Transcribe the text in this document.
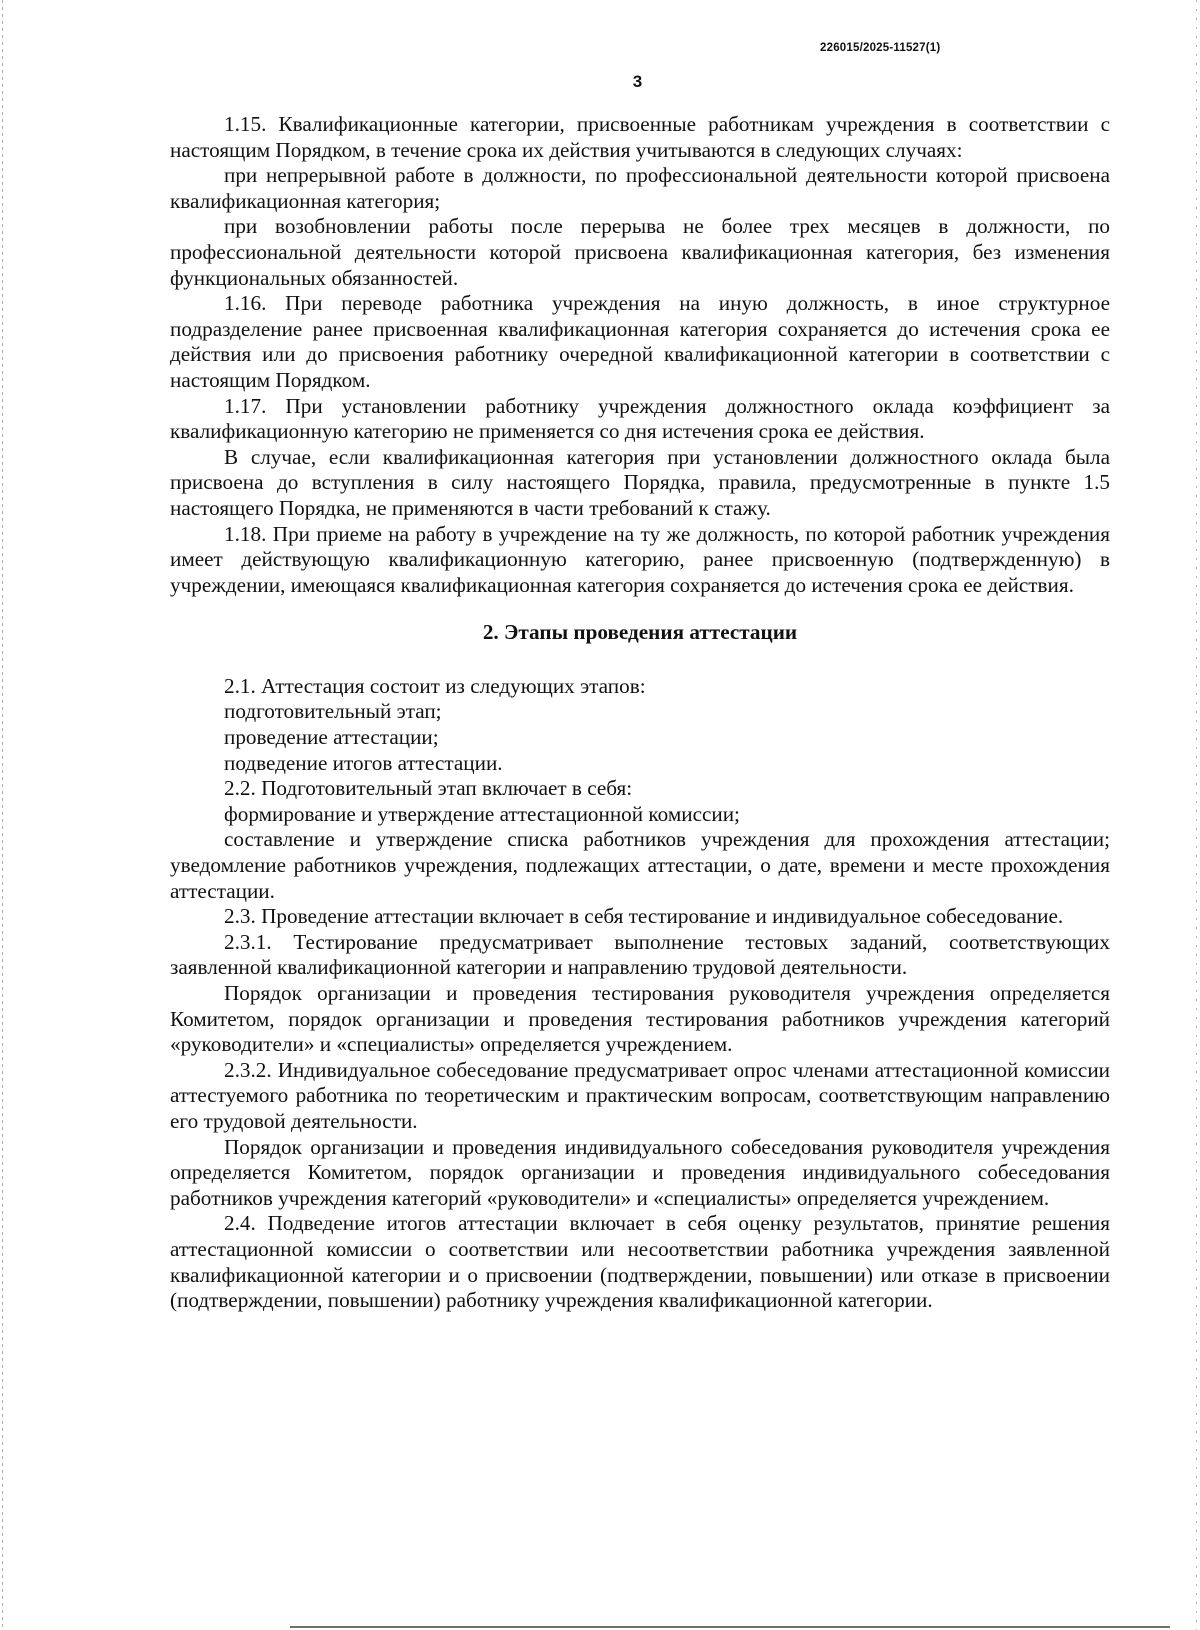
226015/2025-11527(1)
3

1.15. Квалификационные категории, присвоенные работникам учреждения в соответствии с настоящим Порядком, в течение срока их действия учитываются в следующих случаях:

при непрерывной работе в должности, по профессиональной деятельности которой присвоена квалификационная категория;

при возобновлении работы после перерыва не более трех месяцев в должности, по профессиональной деятельности которой присвоена квалификационная категория, без изменения функциональных обязанностей.

1.16. При переводе работника учреждения на иную должность, в иное структурное подразделение ранее присвоенная квалификационная категория сохраняется до истечения срока ее действия или до присвоения работнику очередной квалификационной категории в соответствии с настоящим Порядком.

1.17. При установлении работнику учреждения должностного оклада коэффициент за квалификационную категорию не применяется со дня истечения срока ее действия.

В случае, если квалификационная категория при установлении должностного оклада была присвоена до вступления в силу настоящего Порядка, правила, предусмотренные в пункте 1.5 настоящего Порядка, не применяются в части требований к стажу.

1.18. При приеме на работу в учреждение на ту же должность, по которой работник учреждения имеет действующую квалификационную категорию, ранее присвоенную (подтвержденную) в учреждении, имеющаяся квалификационная категория сохраняется до истечения срока ее действия.

2. Этапы проведения аттестации

2.1. Аттестация состоит из следующих этапов:

подготовительный этап;

проведение аттестации;

подведение итогов аттестации.

2.2. Подготовительный этап включает в себя:

формирование и утверждение аттестационной комиссии;

составление и утверждение списка работников учреждения для прохождения аттестации; уведомление работников учреждения, подлежащих аттестации, о дате, времени и месте прохождения аттестации.

2.3. Проведение аттестации включает в себя тестирование и индивидуальное собеседование.

2.3.1. Тестирование предусматривает выполнение тестовых заданий, соответствующих заявленной квалификационной категории и направлению трудовой деятельности.

Порядок организации и проведения тестирования руководителя учреждения определяется Комитетом, порядок организации и проведения тестирования работников учреждения категорий «руководители» и «специалисты» определяется учреждением.

2.3.2. Индивидуальное собеседование предусматривает опрос членами аттестационной комиссии аттестуемого работника по теоретическим и практическим вопросам, соответствующим направлению его трудовой деятельности.

Порядок организации и проведения индивидуального собеседования руководителя учреждения определяется Комитетом, порядок организации и проведения индивидуального собеседования работников учреждения категорий «руководители» и «специалисты» определяется учреждением.

2.4. Подведение итогов аттестации включает в себя оценку результатов, принятие решения аттестационной комиссии о соответствии или несоответствии работника учреждения заявленной квалификационной категории и о присвоении (подтверждении, повышении) или отказе в присвоении (подтверждении, повышении) работнику учреждения квалификационной категории.
